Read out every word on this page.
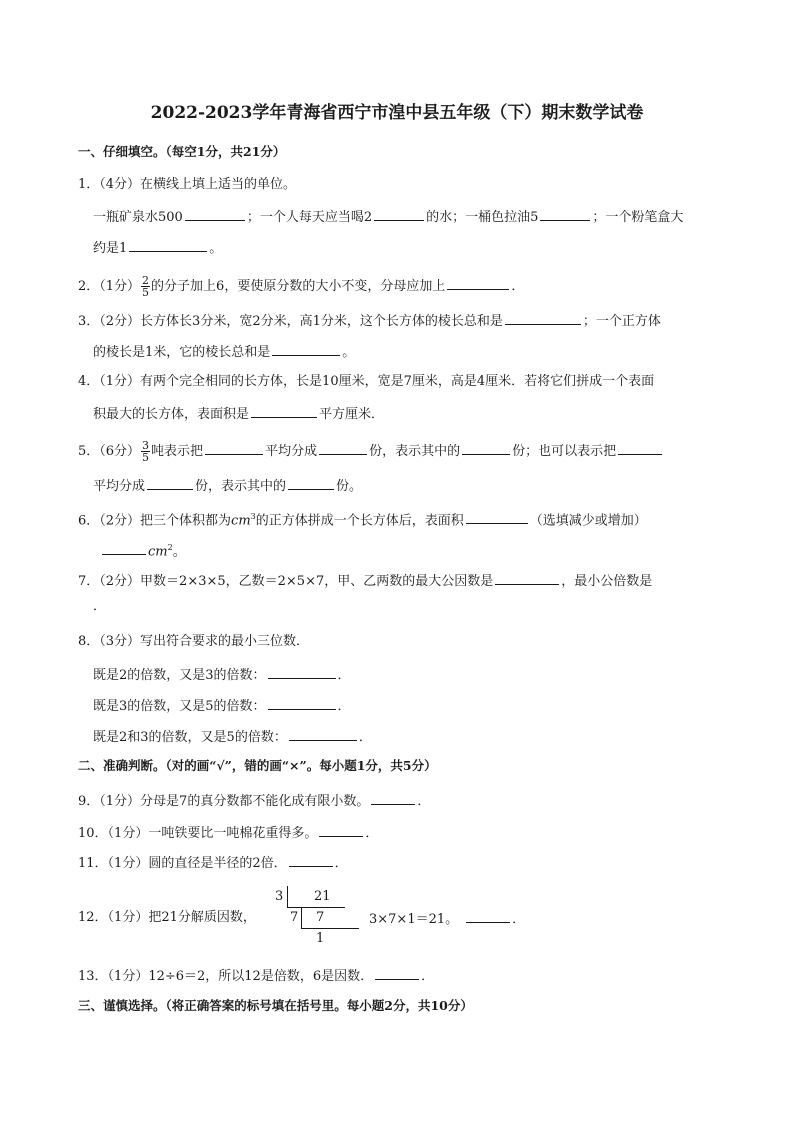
2022-2023学年青海省西宁市湟中县五年级（下）期末数学试卷
一、仔细填空。（每空1分，共21分）
1．（4分）在横线上填上适当的单位。
一瓶矿泉水500	；一个人每天应当喝2	的水；一桶色拉油5	；一个粉笔盒大
约是1	。
2．（1分） $\frac{2}{5}$ 的分子加上6，要使原分数的大小不变，分母应加上	．
3．（2分）长方体长3分米，宽2分米，高1分米，这个长方体的棱长总和是	；一个正方体
的棱长是1米，它的棱长总和是	。
4．（1分）有两个完全相同的长方体，长是10厘米，宽是7厘米，高是4厘米．若将它们拼成一个表面
积最大的长方体，表面积是	平方厘米．
5．（6分） $\frac{3}{5}$ 吨表示把	平均分成	份，表示其中的	份；也可以表示把
平均分成	份，表示其中的	份。
6．（2分）把三个体积都为$cm^3$的正方体拼成一个长方体后，表面积	（选填减少或增加）
$cm^2$。
7．（2分）甲数＝2×3×5，乙数＝2×5×7，甲、乙两数的最大公因数是	，最小公倍数是
．
8．（3分）写出符合要求的最小三位数．
既是2的倍数，又是3的倍数：	．
既是3的倍数，又是5的倍数：	．
既是2和3的倍数，又是5的倍数：	．
二、准确判断。（对的画“√”，错的画“×”。每小题1分，共5分）
9．（1分）分母是7的真分数都不能化成有限小数。	．
10．（1分）一吨铁要比一吨棉花重得多。	．
11．（1分）圆的直径是半径的2倍．	．
12．（1分）把21分解质因数，
3 21
7 7
1
3×7×1＝21。	．
13．（1分）12÷6＝2，所以12是倍数，6是因数．	．
三、谨慎选择。（将正确答案的标号填在括号里。每小题2分，共10分）
